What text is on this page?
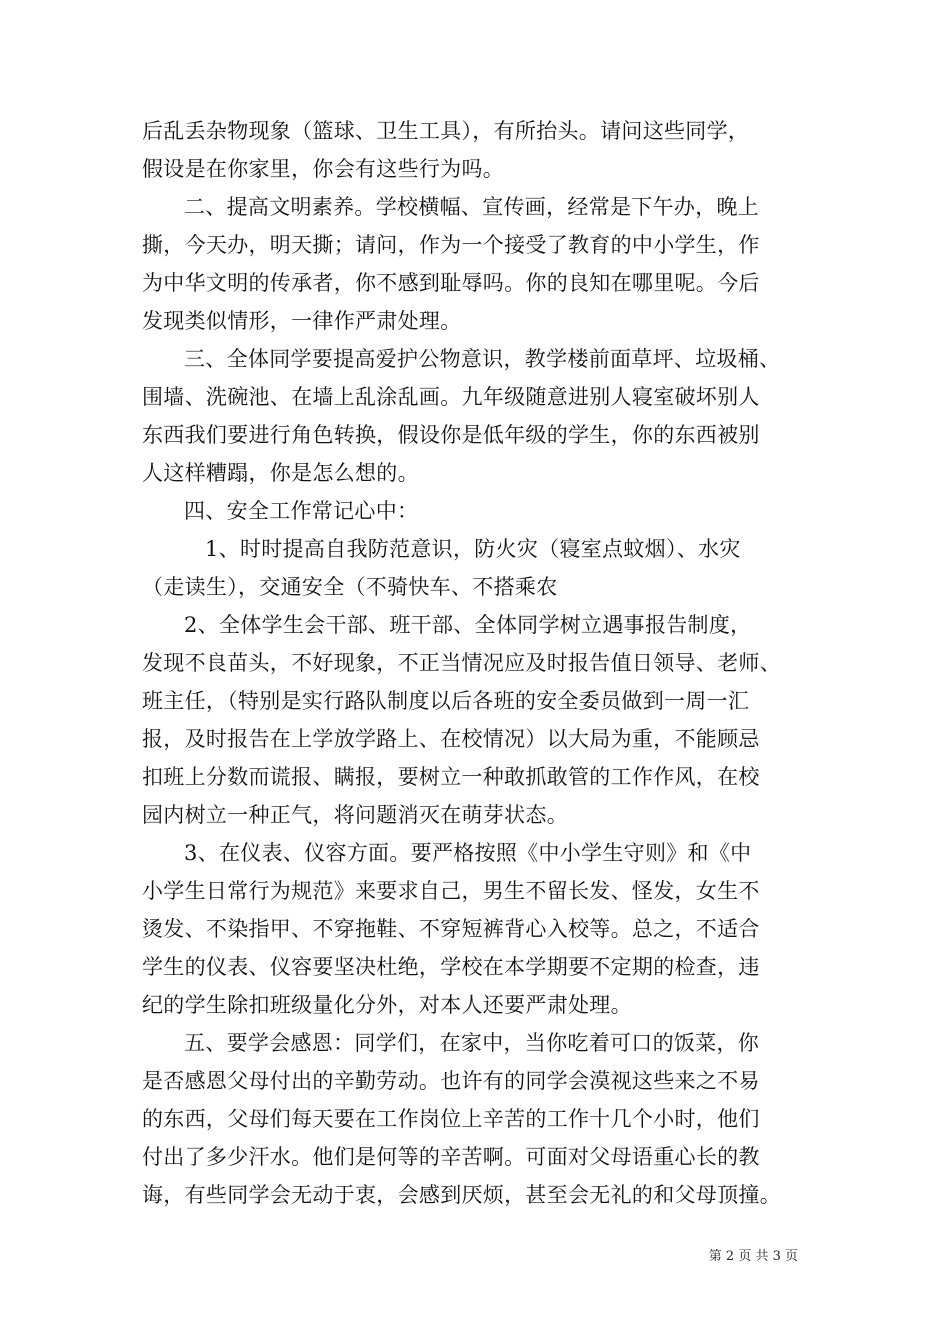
后乱丢杂物现象（篮球、卫生工具），有所抬头。请问这些同学，
假设是在你家里，你会有这些行为吗。
二、提高文明素养。学校横幅、宣传画，经常是下午办，晚上
撕，今天办，明天撕；请问，作为一个接受了教育的中小学生，作
为中华文明的传承者，你不感到耻辱吗。你的良知在哪里呢。今后
发现类似情形，一律作严肃处理。
三、全体同学要提高爱护公物意识，教学楼前面草坪、垃圾桶、
围墙、洗碗池、在墙上乱涂乱画。九年级随意进别人寝室破坏别人
东西我们要进行角色转换，假设你是低年级的学生，你的东西被别
人这样糟蹋，你是怎么想的。
四、安全工作常记心中：
1、时时提高自我防范意识，防火灾（寝室点蚊烟）、水灾
（走读生），交通安全（不骑快车、不搭乘农
2、全体学生会干部、班干部、全体同学树立遇事报告制度，
发现不良苗头，不好现象，不正当情况应及时报告值日领导、老师、
班主任，（特别是实行路队制度以后各班的安全委员做到一周一汇
报，及时报告在上学放学路上、在校情况）以大局为重，不能顾忌
扣班上分数而谎报、瞒报，要树立一种敢抓敢管的工作作风，在校
园内树立一种正气，将问题消灭在萌芽状态。
3、在仪表、仪容方面。要严格按照《中小学生守则》和《中
小学生日常行为规范》来要求自己，男生不留长发、怪发，女生不
烫发、不染指甲、不穿拖鞋、不穿短裤背心入校等。总之，不适合
学生的仪表、仪容要坚决杜绝，学校在本学期要不定期的检查，违
纪的学生除扣班级量化分外，对本人还要严肃处理。
五、要学会感恩：同学们，在家中，当你吃着可口的饭菜，你
是否感恩父母付出的辛勤劳动。也许有的同学会漠视这些来之不易
的东西，父母们每天要在工作岗位上辛苦的工作十几个小时，他们
付出了多少汗水。他们是何等的辛苦啊。可面对父母语重心长的教
诲，有些同学会无动于衷，会感到厌烦，甚至会无礼的和父母顶撞。
第 2 页 共 3 页
